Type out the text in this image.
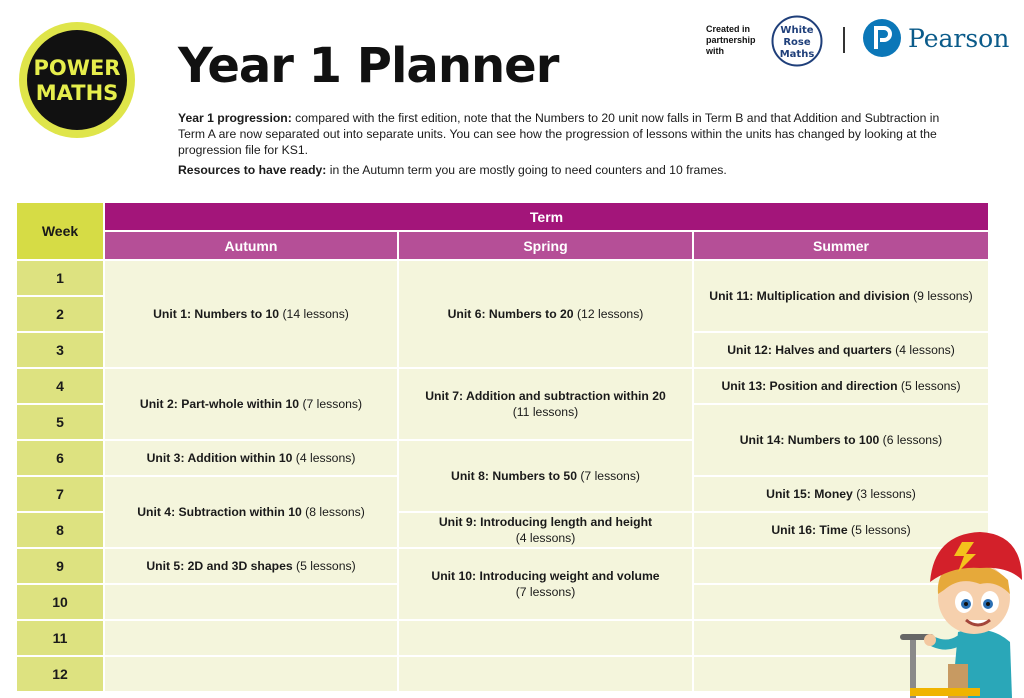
POWER
MATHS Year 1 Planner
Created in
partnership
with
White
Rose
Maths
Pearson

Year 1 progression: compared with the first edition, note that the Numbers to 20 unit now falls in Term B and that Addition and Subtraction in Term A are now separated out into separate units. You can see how the progression of lessons within the units has changed by looking at the progression file for KS1.

Resources to have ready: in the Autumn term you are mostly going to need counters and 10 frames.

Week
Term
Autumn	Spring	Summer
1
2
3
4
5
6
7
8
9
10
11
12
Unit 1: Numbers to 10 (14 lessons)
Unit 2: Part-whole within 10 (7 lessons)
Unit 3: Addition within 10 (4 lessons)
Unit 4: Subtraction within 10 (8 lessons)
Unit 5: 2D and 3D shapes (5 lessons)
Unit 6: Numbers to 20 (12 lessons)
Unit 7: Addition and subtraction within 20
(11 lessons)
Unit 8: Numbers to 50 (7 lessons)
Unit 9: Introducing length and height
(4 lessons)
Unit 10: Introducing weight and volume
(7 lessons)
Unit 11: Multiplication and division (9 lessons)
Unit 12: Halves and quarters (4 lessons)
Unit 13: Position and direction (5 lessons)
Unit 14: Numbers to 100 (6 lessons)
Unit 15: Money (3 lessons)
Unit 16: Time (5 lessons)
